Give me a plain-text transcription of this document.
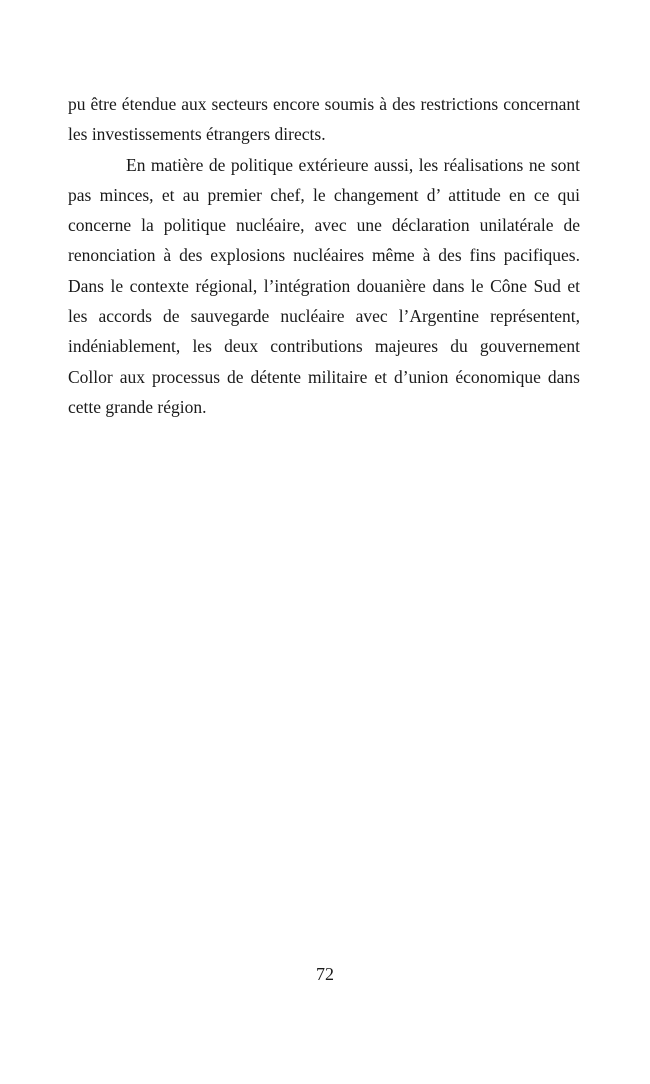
pu être étendue aux secteurs encore soumis à des restrictions concernant les investissements étrangers directs.

En matière de politique extérieure aussi, les réalisations ne sont pas minces, et au premier chef, le changement d’ attitude en ce qui concerne la politique nucléaire, avec une déclaration unilatérale de renonciation à des explosions nucléaires même à des fins pacifiques. Dans le contexte régional, l’intégration douanière dans le Cône Sud et les accords de sauvegarde nucléaire avec l’Argentine représentent, indéniablement, les deux contributions majeures du gouvernement Collor aux processus de détente militaire et d’union économique dans cette grande région.

72
